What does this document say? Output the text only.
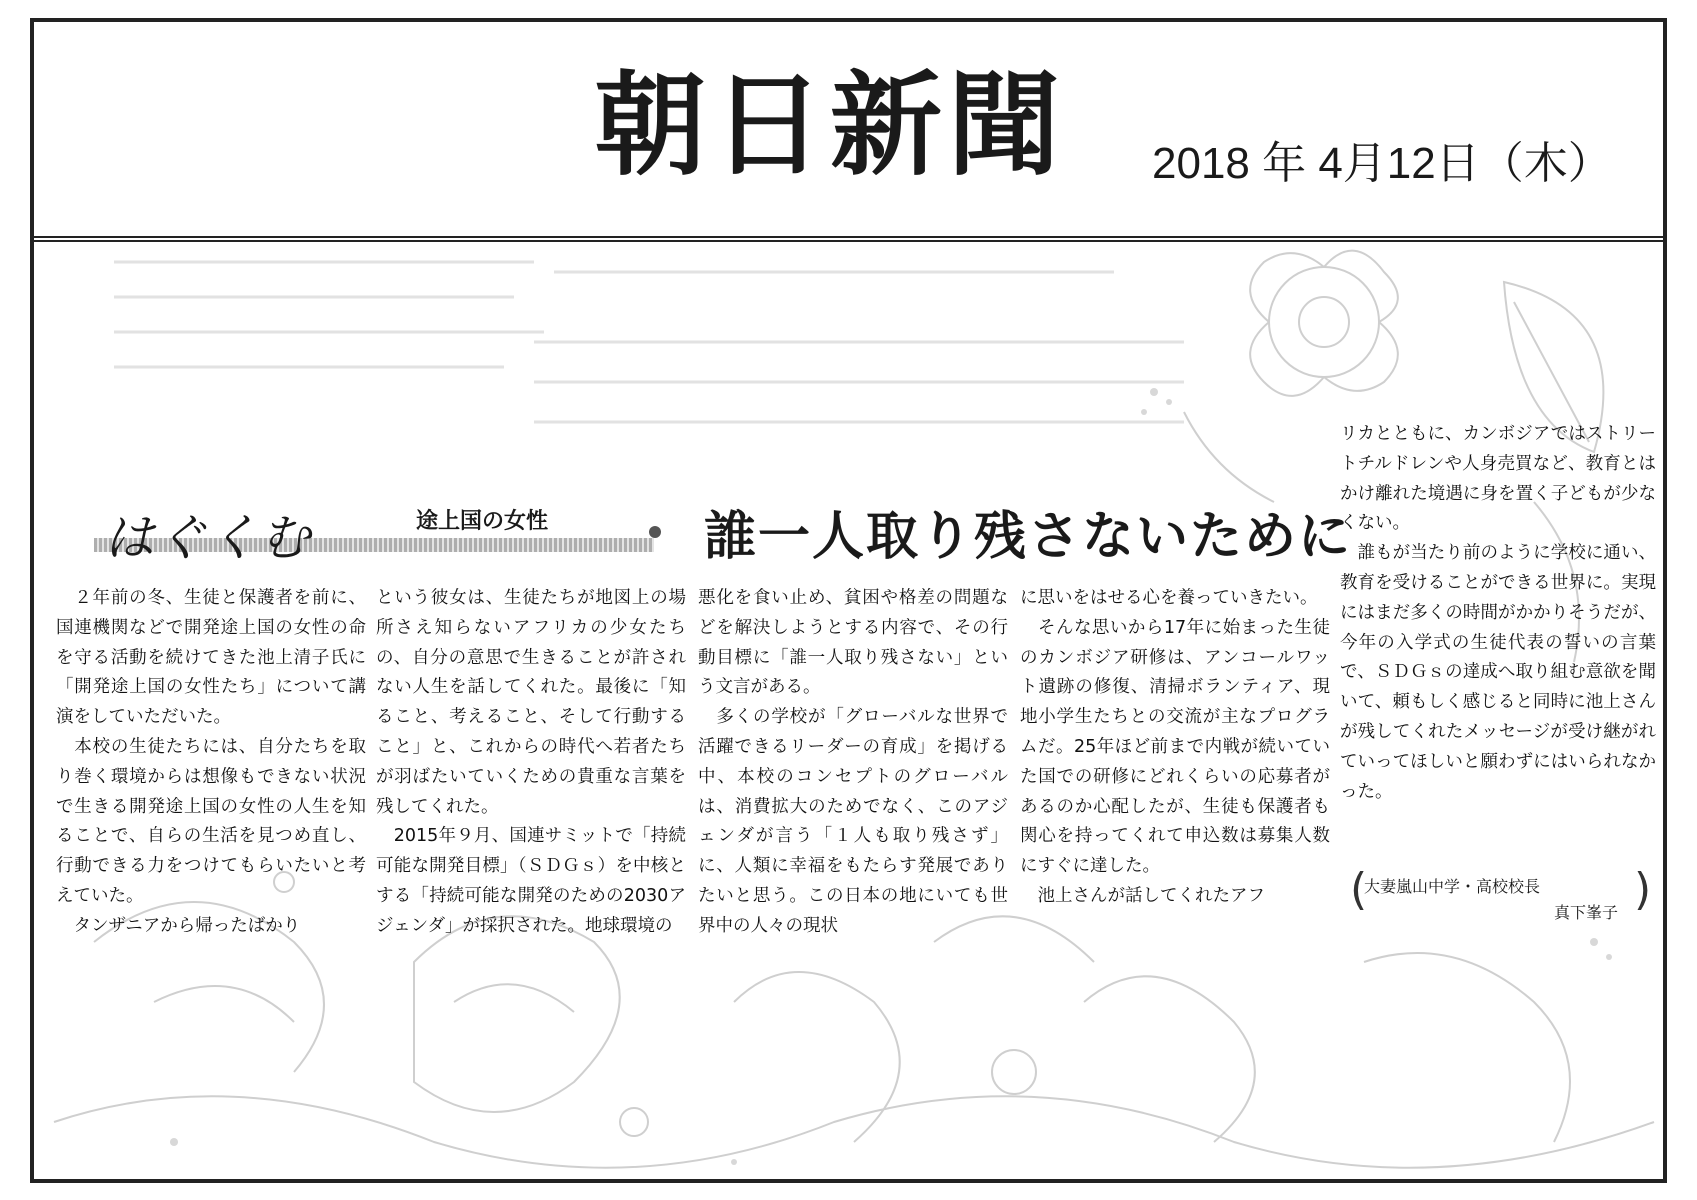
朝日新聞 2018 年 4月12日（木）
はぐくむ	途上国の女性	誰一人取り残さないために
　２年前の冬、生徒と保護者を前に、国連機関などで開発途上国の女性の命を守る活動を続けてきた池上清子氏に「開発途上国の女性たち」について講演をしていただいた。
　本校の生徒たちには、自分たちを取り巻く環境からは想像もできない状況で生きる開発途上国の女性の人生を知ることで、自らの生活を見つめ直し、行動できる力をつけてもらいたいと考えていた。
　タンザニアから帰ったばかり
という彼女は、生徒たちが地図上の場所さえ知らないアフリカの少女たちの、自分の意思で生きることが許されない人生を話してくれた。最後に「知ること、考えること、そして行動すること」と、これからの時代へ若者たちが羽ばたいていくための貴重な言葉を残してくれた。
　2015年９月、国連サミットで「持続可能な開発目標」（ＳＤＧｓ）を中核とする「持続可能な開発のための2030アジェンダ」が採択された。地球環境の
悪化を食い止め、貧困や格差の問題などを解決しようとする内容で、その行動目標に「誰一人取り残さない」という文言がある。
　多くの学校が「グローバルな世界で活躍できるリーダーの育成」を掲げる中、本校のコンセプトのグローバルは、消費拡大のためでなく、このアジェンダが言う「１人も取り残さず」に、人類に幸福をもたらす発展でありたいと思う。この日本の地にいても世界中の人々の現状
に思いをはせる心を養っていきたい。
　そんな思いから17年に始まった生徒のカンボジア研修は、アンコールワット遺跡の修復、清掃ボランティア、現地小学生たちとの交流が主なプログラムだ。25年ほど前まで内戦が続いていた国での研修にどれくらいの応募者があるのか心配したが、生徒も保護者も関心を持ってくれて申込数は募集人数にすぐに達した。
　池上さんが話してくれたアフ
リカとともに、カンボジアではストリートチルドレンや人身売買など、教育とはかけ離れた境遇に身を置く子どもが少なくない。
　誰もが当たり前のように学校に通い、教育を受けることができる世界に。実現にはまだ多くの時間がかかりそうだが、今年の入学式の生徒代表の誓いの言葉で、ＳＤＧｓの達成へ取り組む意欲を聞いて、頼もしく感じると同時に池上さんが残してくれたメッセージが受け継がれていってほしいと願わずにはいられなかった。
(
大妻嵐山中学・高校校長
真下峯子 )
